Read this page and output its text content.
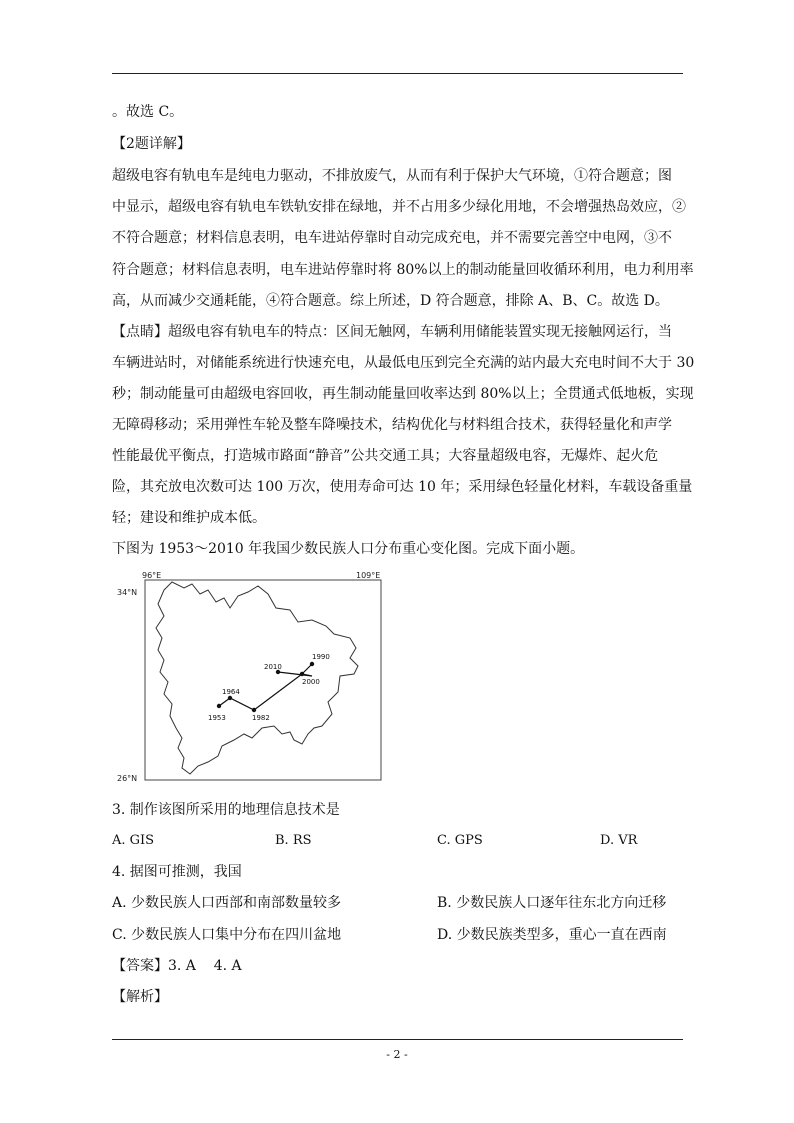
。故选 C。
【2题详解】
超级电容有轨电车是纯电力驱动，不排放废气，从而有利于保护大气环境，①符合题意；图
中显示，超级电容有轨电车铁轨安排在绿地，并不占用多少绿化用地，不会增强热岛效应，②
不符合题意；材料信息表明，电车进站停靠时自动完成充电，并不需要完善空中电网，③不
符合题意；材料信息表明，电车进站停靠时将 80%以上的制动能量回收循环利用，电力利用率
高，从而减少交通耗能，④符合题意。综上所述，D 符合题意，排除 A、B、C。故选 D。
【点睛】超级电容有轨电车的特点：区间无触网，车辆利用储能装置实现无接触网运行，当
车辆进站时，对储能系统进行快速充电，从最低电压到完全充满的站内最大充电时间不大于 30
秒；制动能量可由超级电容回收，再生制动能量回收率达到 80%以上；全贯通式低地板，实现
无障碍移动；采用弹性车轮及整车降噪技术，结构优化与材料组合技术，获得轻量化和声学
性能最优平衡点，打造城市路面“静音”公共交通工具；大容量超级电容，无爆炸、起火危
险，其充放电次数可达 100 万次，使用寿命可达 10 年；采用绿色轻量化材料，车载设备重量
轻；建设和维护成本低。
下图为 1953～2010 年我国少数民族人口分布重心变化图。完成下面小题。
96°E	109°E
34°N
26°N
1953
1964
1982
1990
2000
2010
3. 制作该图所采用的地理信息技术是
A. GIS	B. RS	C. GPS	D. VR
4. 据图可推测，我国
A. 少数民族人口西部和南部数量较多	B. 少数民族人口逐年往东北方向迁移
C. 少数民族人口集中分布在四川盆地	D. 少数民族类型多，重心一直在西南
【答案】3. A    4. A
【解析】
- 2 -
